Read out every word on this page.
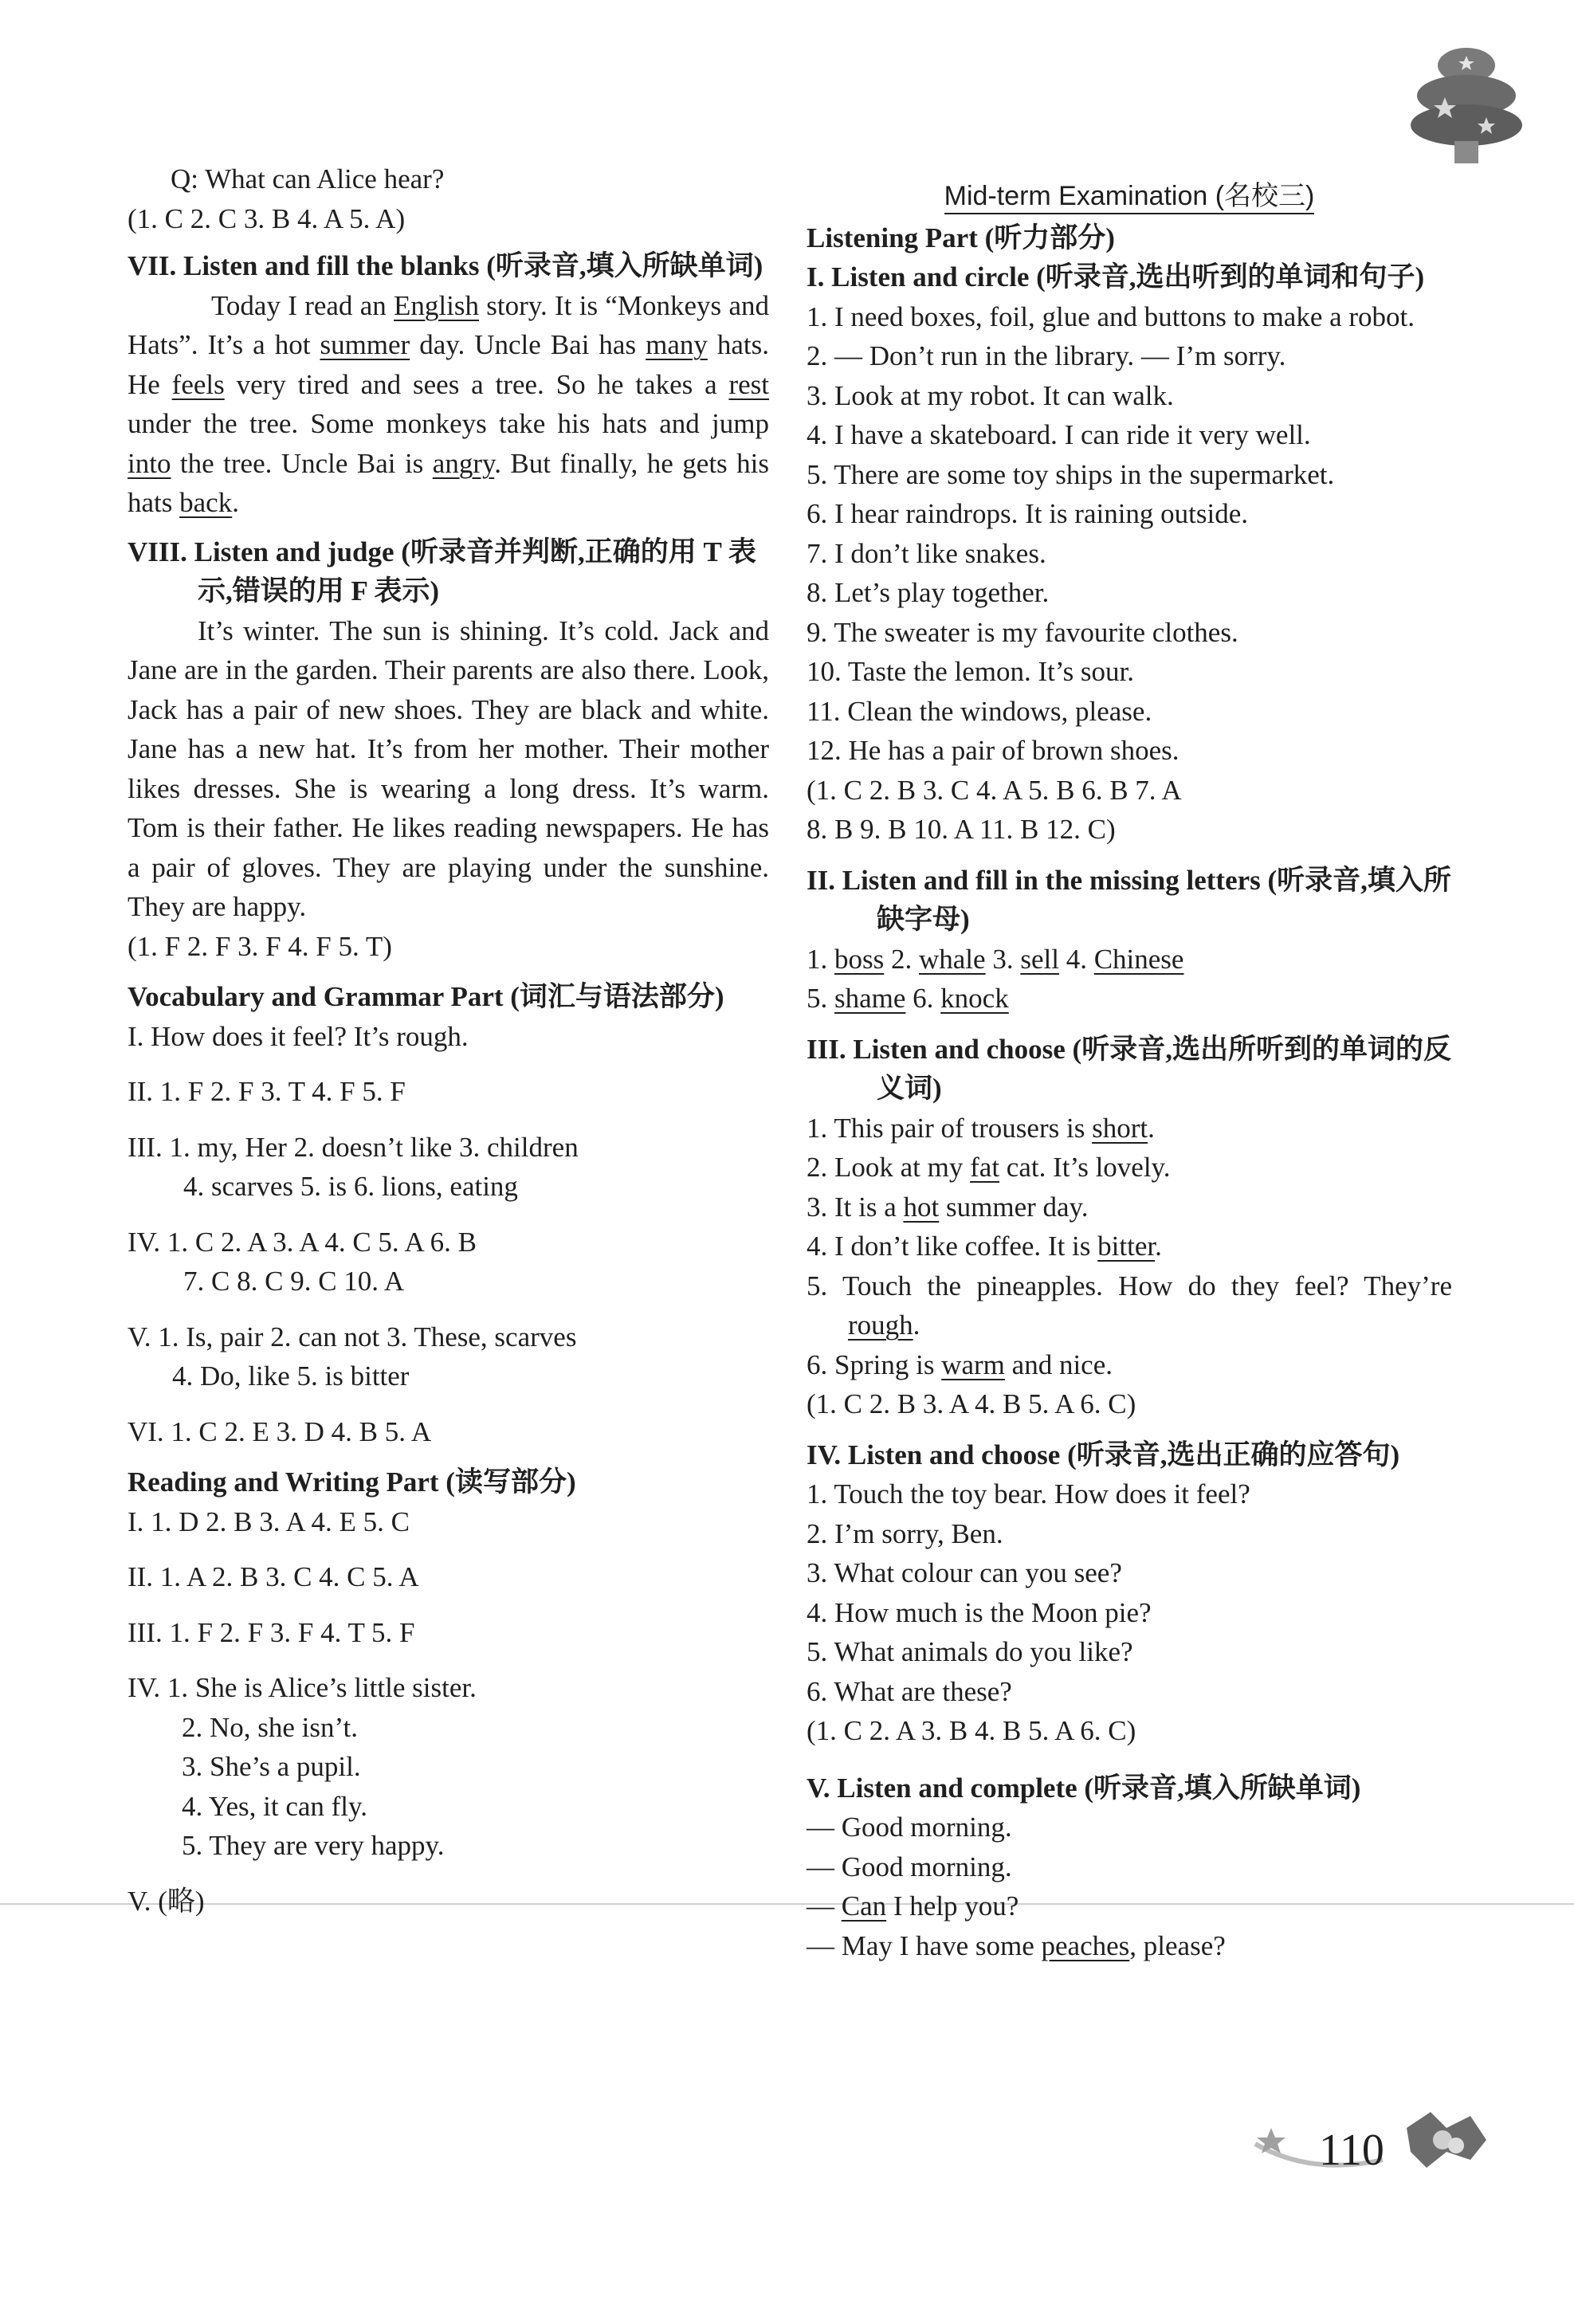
110

Q: What can Alice hear?

(1. C 2. C 3. B 4. A 5. A)

VII. Listen and fill the blanks (听录音,填入所缺单词)

Today I read an English story. It is “Monkeys and Hats”. It’s a hot summer day. Uncle Bai has many hats. He feels very tired and sees a tree. So he takes a rest under the tree. Some monkeys take his hats and jump into the tree. Uncle Bai is angry. But finally, he gets his hats back.

VIII. Listen and judge (听录音并判断,正确的用 T 表示,错误的用 F 表示)

It’s winter. The sun is shining. It’s cold. Jack and Jane are in the garden. Their parents are also there. Look, Jack has a pair of new shoes. They are black and white. Jane has a new hat. It’s from her mother. Their mother likes dresses. She is wearing a long dress. It’s warm. Tom is their father. He likes reading newspapers. He has a pair of gloves. They are playing under the sunshine. They are happy.

(1. F 2. F 3. F 4. F 5. T)

Vocabulary and Grammar Part (词汇与语法部分)

I. How does it feel? It’s rough.

II. 1. F 2. F 3. T 4. F 5. F

III. 1. my, Her 2. doesn’t like 3. children

4. scarves 5. is 6. lions, eating

IV. 1. C 2. A 3. A 4. C 5. A 6. B

7. C 8. C 9. C 10. A

V. 1. Is, pair 2. can not 3. These, scarves

4. Do, like 5. is bitter

VI. 1. C 2. E 3. D 4. B 5. A

Reading and Writing Part (读写部分)

I. 1. D 2. B 3. A 4. E 5. C

II. 1. A 2. B 3. C 4. C 5. A

III. 1. F 2. F 3. F 4. T 5. F

IV. 1. She is Alice’s little sister.

2. No, she isn’t.

3. She’s a pupil.

4. Yes, it can fly.

5. They are very happy.

V. (略)

Mid-term Examination (名校三)

Listening Part (听力部分)

I. Listen and circle (听录音,选出听到的单词和句子)

1. I need boxes, foil, glue and buttons to make a robot.

2. — Don’t run in the library. — I’m sorry.

3. Look at my robot. It can walk.

4. I have a skateboard. I can ride it very well.

5. There are some toy ships in the supermarket.

6. I hear raindrops. It is raining outside.

7. I don’t like snakes.

8. Let’s play together.

9. The sweater is my favourite clothes.

10. Taste the lemon. It’s sour.

11. Clean the windows, please.

12. He has a pair of brown shoes.

(1. C 2. B 3. C 4. A 5. B 6. B 7. A

8. B 9. B 10. A 11. B 12. C)

II. Listen and fill in the missing letters (听录音,填入所缺字母)

1. boss 2. whale 3. sell 4. Chinese

5. shame 6. knock

III. Listen and choose (听录音,选出所听到的单词的反义词)

1. This pair of trousers is short.

2. Look at my fat cat. It’s lovely.

3. It is a hot summer day.

4. I don’t like coffee. It is bitter.

5. Touch the pineapples. How do they feel? They’re rough.

6. Spring is warm and nice.

(1. C 2. B 3. A 4. B 5. A 6. C)

IV. Listen and choose (听录音,选出正确的应答句)

1. Touch the toy bear. How does it feel?

2. I’m sorry, Ben.

3. What colour can you see?

4. How much is the Moon pie?

5. What animals do you like?

6. What are these?

(1. C 2. A 3. B 4. B 5. A 6. C)

V. Listen and complete (听录音,填入所缺单词)

— Good morning.

— Good morning.

— Can I help you?

— May I have some peaches, please?
